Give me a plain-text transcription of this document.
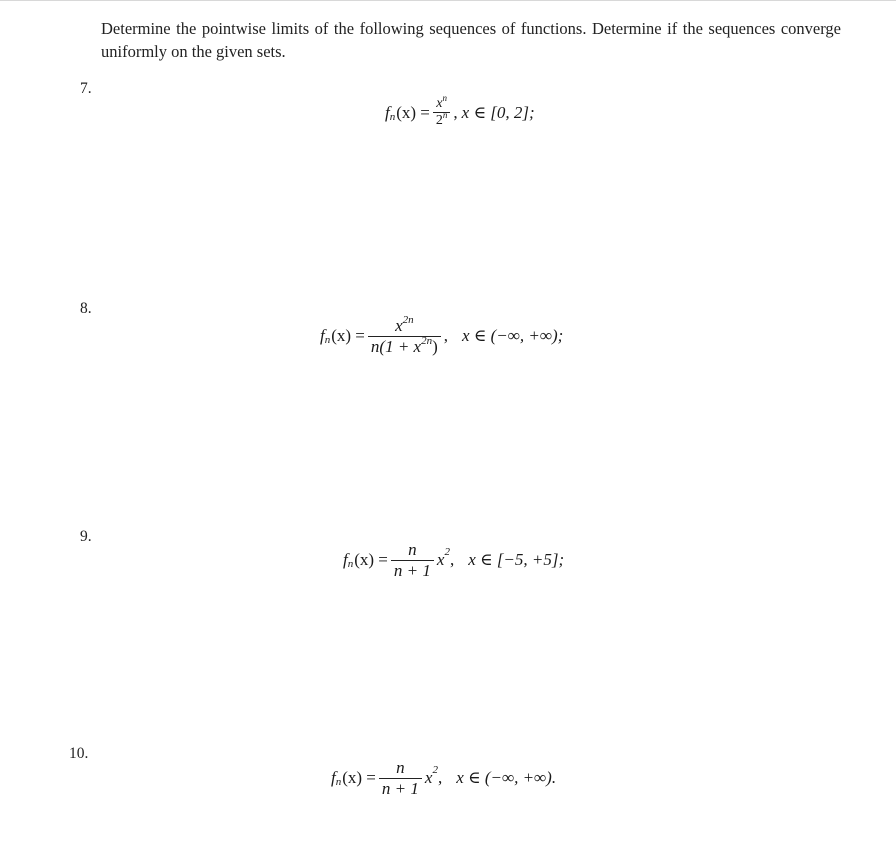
Determine the pointwise limits of the following sequences of functions. Determine if the sequences converge uniformly on the given sets.

7.
f n $(x) = \frac{x^n}{2^n}$ , x ∈ [0, 2];
8.
f n $(x) = \frac{x^{2n}}{n(1 + x^{2n})}$ , x ∈ (−∞, +∞);
9.
f n $(x) = \frac{n}{n + 1}$ x 2 , x ∈ [−5, +5];
10.
f n $(x) = \frac{n}{n + 1}$ x 2 , x ∈ (−∞, +∞).
